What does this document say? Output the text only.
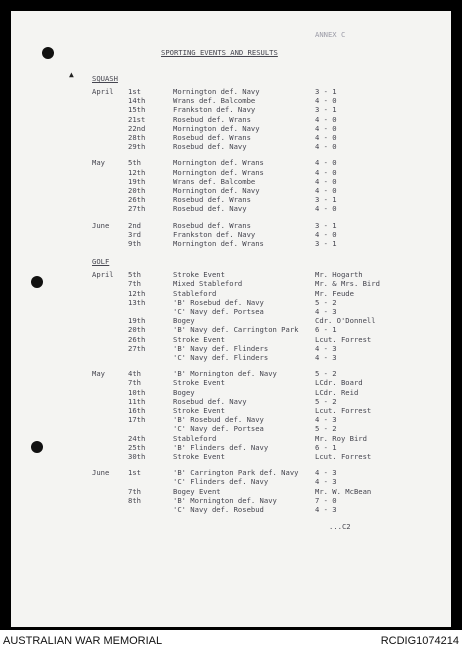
▲
ANNEX C
SPORTING EVENTS AND RESULTS
SQUASH
April 1st	Mornington def. Navy	3 - 1
14th	Wrans def. Balcombe	4 - 0
15th	Frankston def. Navy	3 - 1
21st	Rosebud def. Wrans	4 - 0
22nd	Mornington def. Navy	4 - 0
28th	Rosebud def. Wrans	4 - 0
29th	Rosebud def. Navy	4 - 0
May	5th	Mornington def. Wrans	4 - 0
12th	Mornington def. Wrans	4 - 0
19th	Wrans def. Balcombe	4 - 0
20th	Mornington def. Navy	4 - 0
26th	Rosebud def. Wrans	3 - 1
27th	Rosebud def. Navy	4 - 0
June	2nd	Rosebud def. Wrans	3 - 1
3rd	Frankston def. Navy	4 - 0
9th	Mornington def. Wrans	3 - 1
GOLF
April 5th	Stroke Event	Mr. Hogarth
7th	Mixed Stableford	Mr. & Mrs. Bird
12th	Stableford	Mr. Feude
13th	'B' Rosebud def. Navy	5 - 2
'C' Navy def. Portsea	4 - 3
19th	Bogey	Cdr. O'Donnell
20th	'B' Navy def. Carrington Park 6 - 1
26th	Stroke Event	Lcut. Forrest
27th	'B' Navy def. Flinders	4 - 3
'C' Navy def. Flinders	4 - 3
May	4th	'B' Mornington def. Navy	5 - 2
7th	Stroke Event	LCdr. Board
10th	Bogey	LCdr. Reid
11th	Rosebud def. Navy	5 - 2
16th	Stroke Event	Lcut. Forrest
17th	'B' Rosebud def. Navy	4 - 3
'C' Navy def. Portsea	5 - 2
24th	Stableford	Mr. Roy Bird
25th	'B' Flinders def. Navy	6 - 1
30th	Stroke Event	Lcut. Forrest
June	1st	'B' Carrington Park def. Navy 4 - 3
'C' Flinders def. Navy	4 - 3
7th	Bogey Event	Mr. W. McBean
8th	'B' Mornington def. Navy	7 - 0
'C' Navy def. Rosebud	4 - 3
...C2
AUSTRALIAN WAR MEMORIAL	RCDIG1074214
